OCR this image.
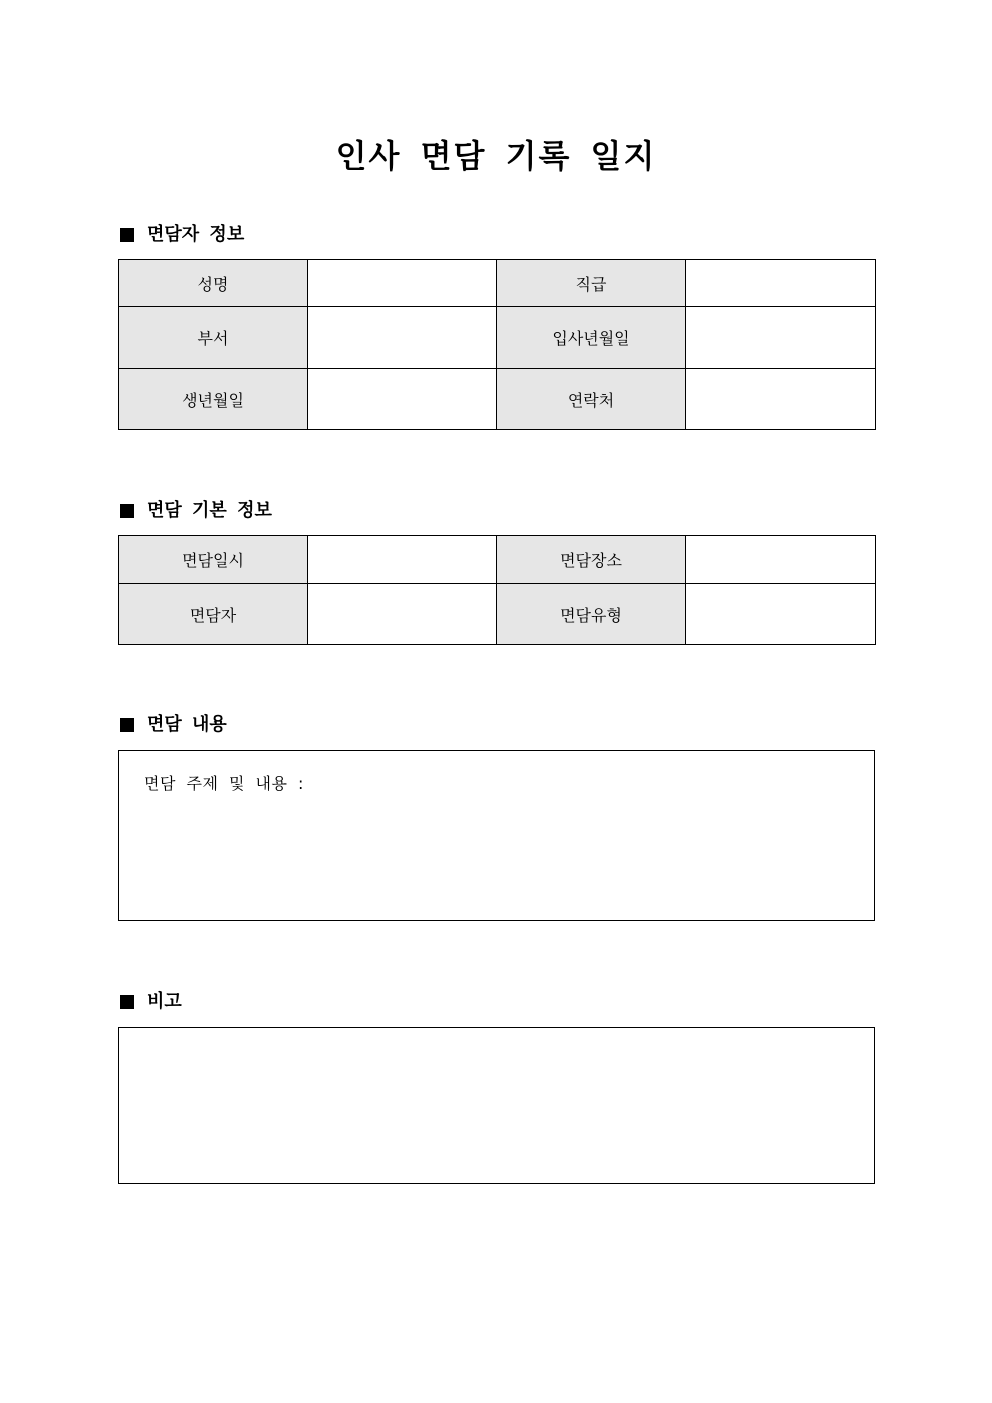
인사 면담 기록 일지
면담자 정보
성명		직급	
부서		입사년월일	
생년월일		연락처	
면담 기본 정보
면담일시		면담장소	
면담자		면담유형	
면담 내용
면담 주제 및 내용 :
비고
